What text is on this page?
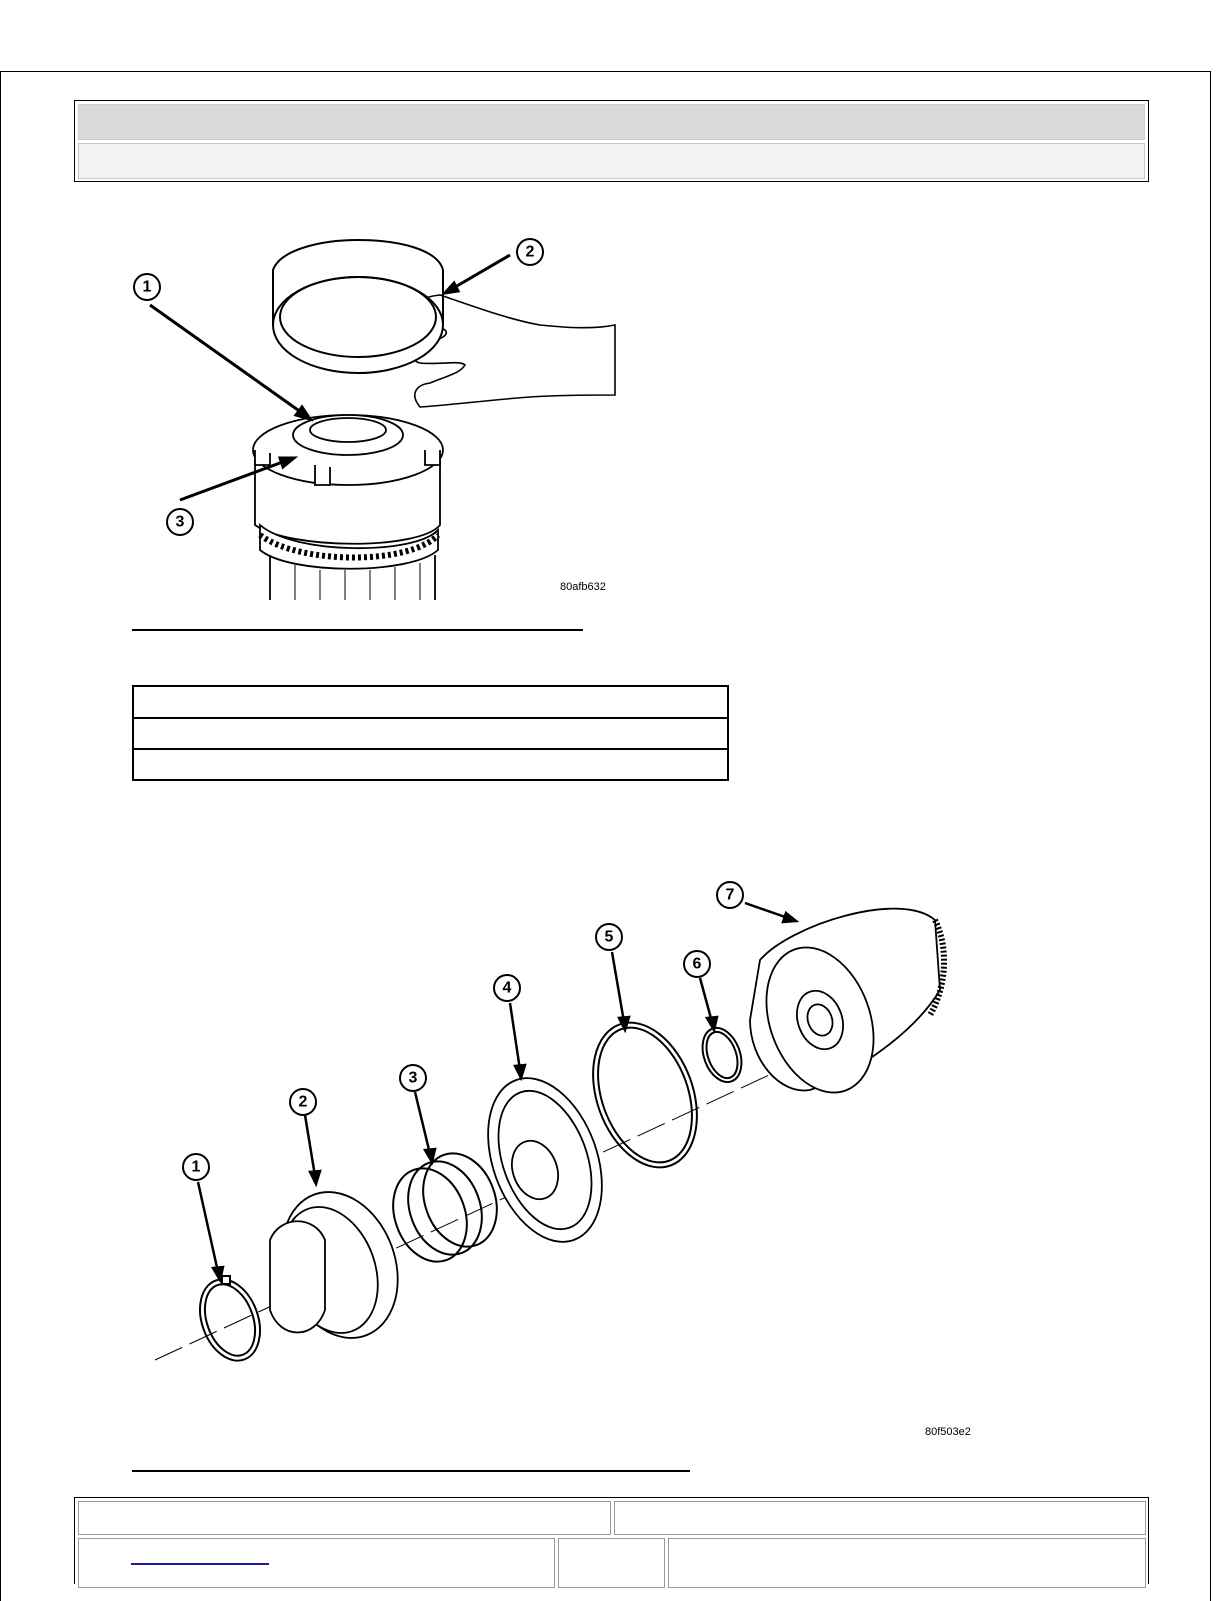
1
2
3
80afb632
1
2
3
4
5
6
7
80f503e2
